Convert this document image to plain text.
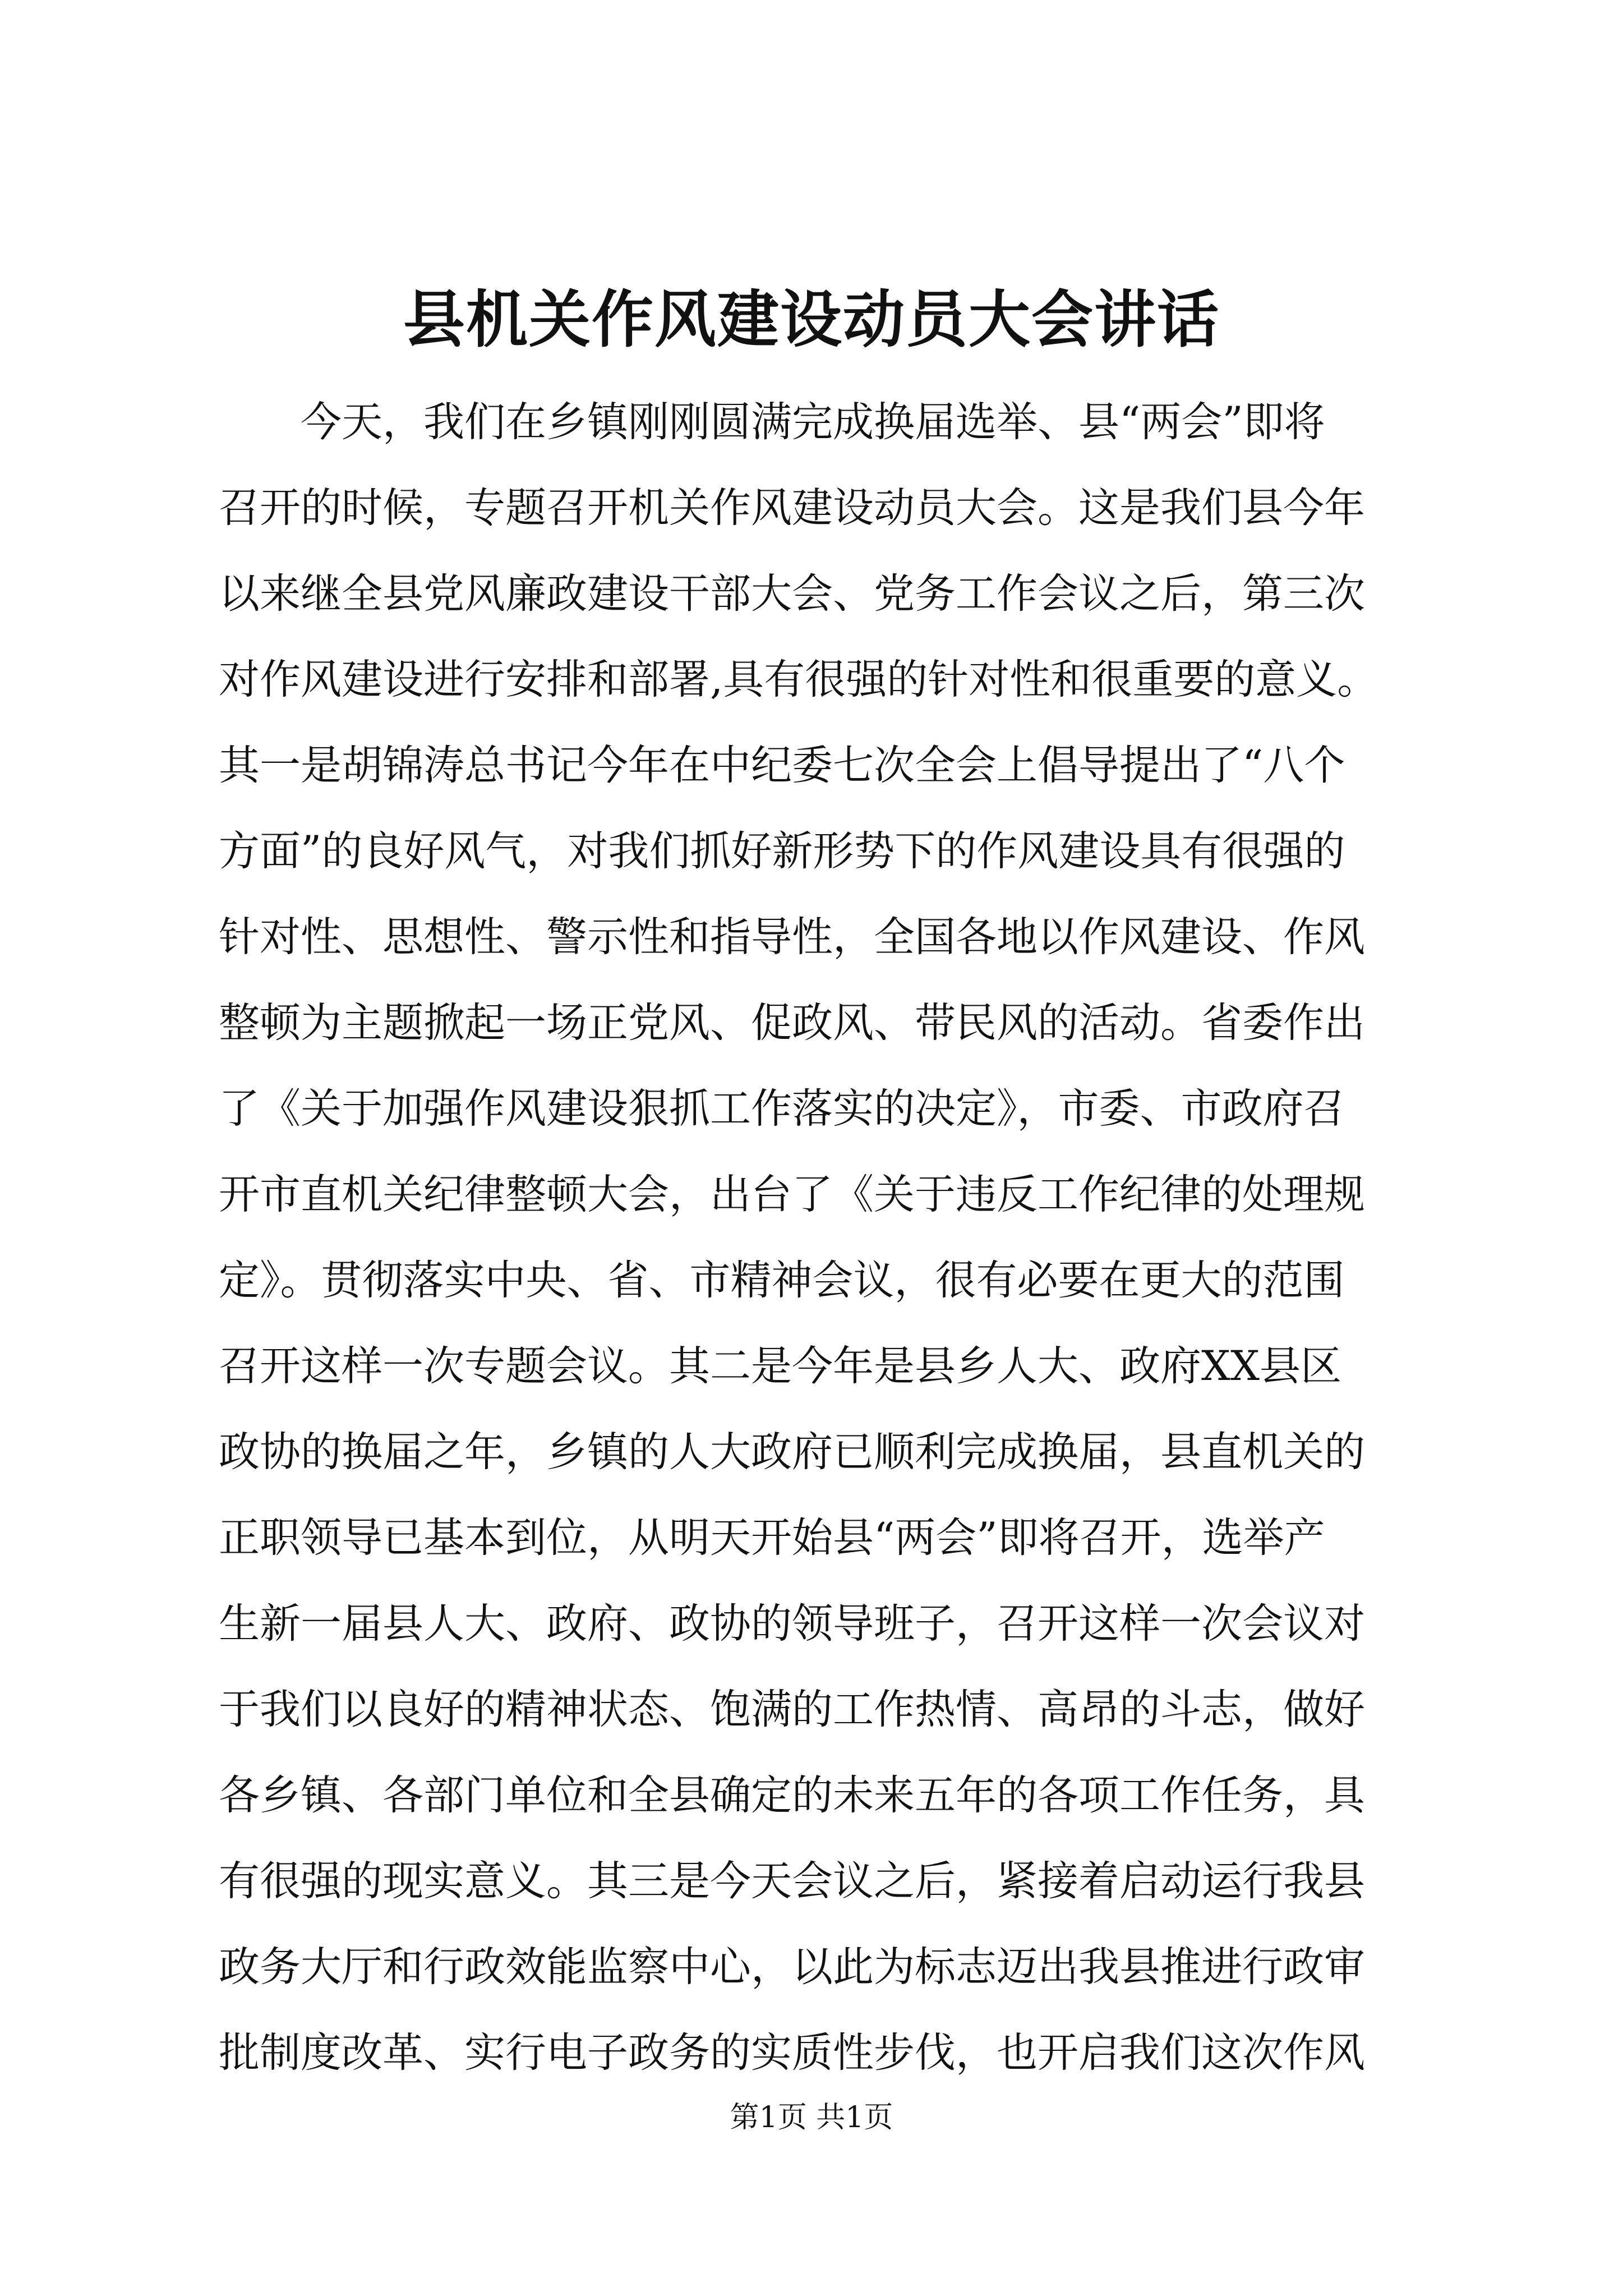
县机关作风建设动员大会讲话
今天，我们在乡镇刚刚圆满完成换届选举、县“两会”即将
召开的时候，专题召开机关作风建设动员大会。这是我们县今年
以来继全县党风廉政建设干部大会、党务工作会议之后，第三次
对作风建设进行安排和部署,具有很强的针对性和很重要的意义。
其一是胡锦涛总书记今年在中纪委七次全会上倡导提出了“八个
方面”的良好风气，对我们抓好新形势下的作风建设具有很强的
针对性、思想性、警示性和指导性，全国各地以作风建设、作风
整顿为主题掀起一场正党风、促政风、带民风的活动。省委作出
了《关于加强作风建设狠抓工作落实的决定》，市委、市政府召
开市直机关纪律整顿大会，出台了《关于违反工作纪律的处理规
定》。贯彻落实中央、省、市精神会议，很有必要在更大的范围
召开这样一次专题会议。其二是今年是县乡人大、政府XX县区
政协的换届之年，乡镇的人大政府已顺利完成换届，县直机关的
正职领导已基本到位，从明天开始县“两会”即将召开，选举产
生新一届县人大、政府、政协的领导班子，召开这样一次会议对
于我们以良好的精神状态、饱满的工作热情、高昂的斗志，做好
各乡镇、各部门单位和全县确定的未来五年的各项工作任务，具
有很强的现实意义。其三是今天会议之后，紧接着启动运行我县
政务大厅和行政效能监察中心，以此为标志迈出我县推进行政审
批制度改革、实行电子政务的实质性步伐，也开启我们这次作风
第1页 共1页
